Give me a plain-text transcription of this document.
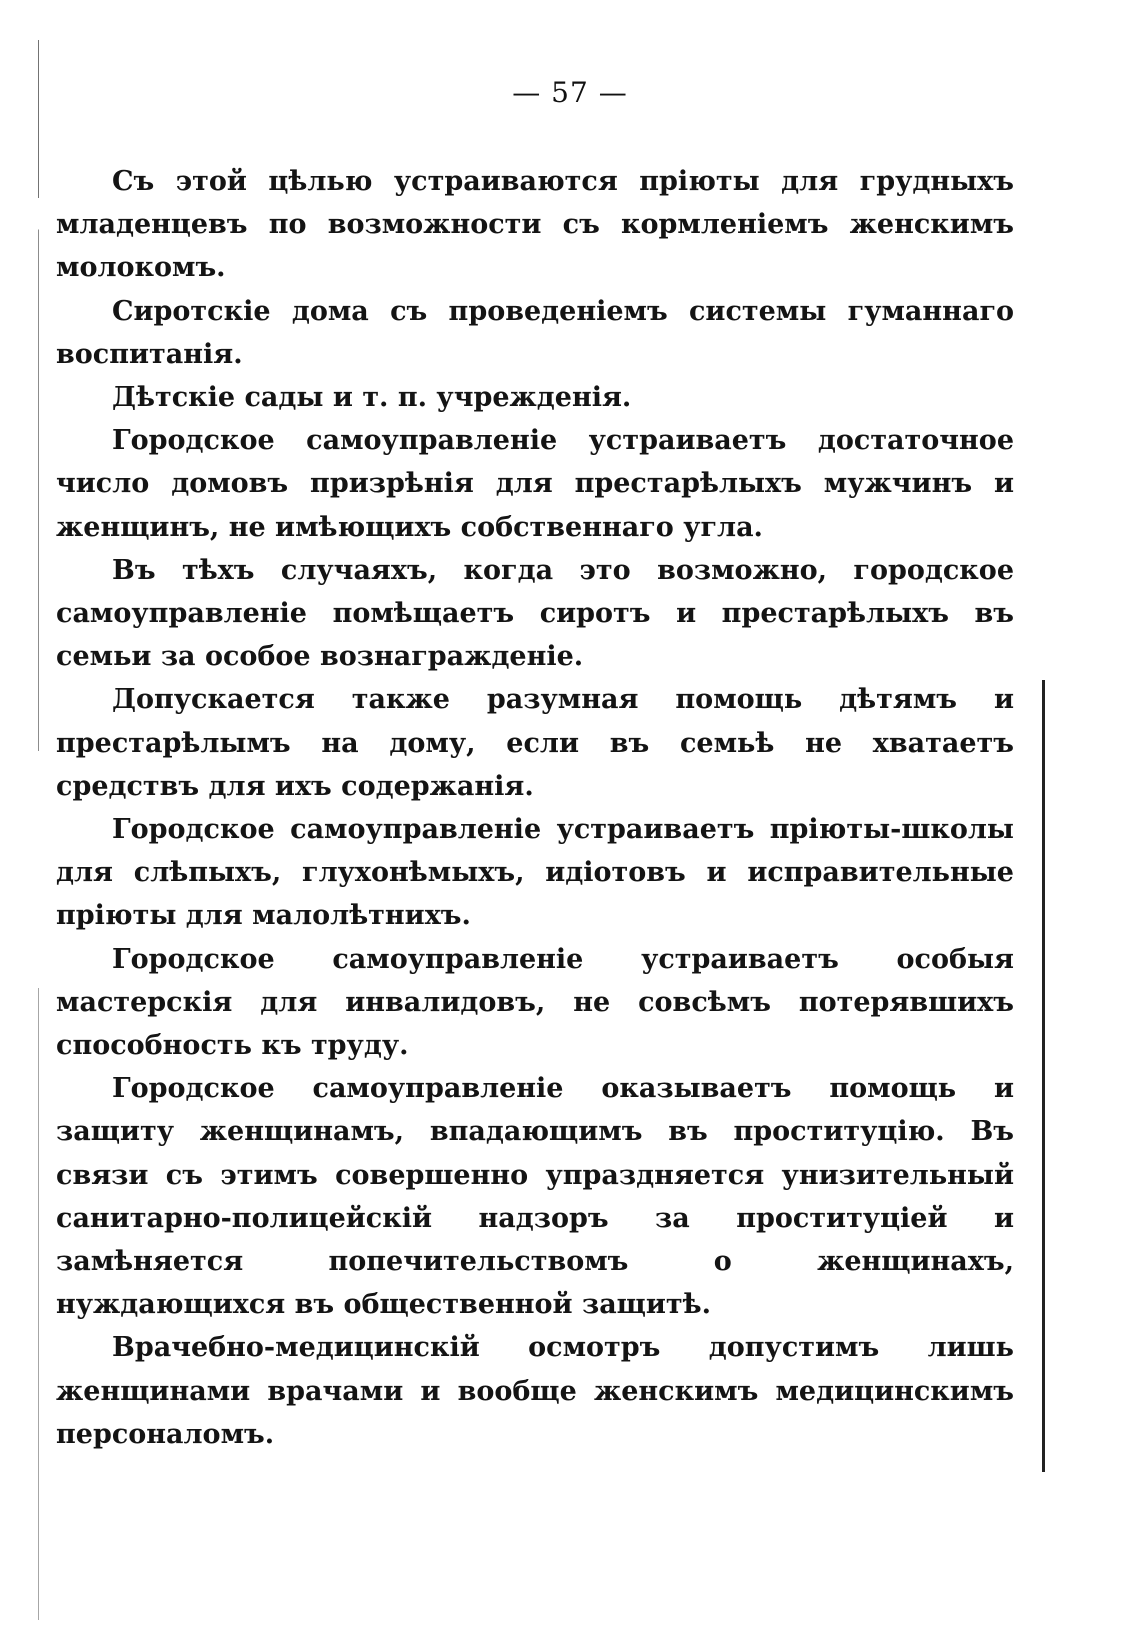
— 57 —

Съ этой цѣлью устраиваются пріюты для грудныхъ младенцевъ по возможности съ кормленіемъ женскимъ молокомъ.

Сиротскіе дома съ проведеніемъ системы гуманнаго воспитанія.

Дѣтскіе сады и т. п. учрежденія.

Городское самоуправленіе устраиваетъ достаточное число домовъ призрѣнія для престарѣлыхъ мужчинъ и женщинъ, не имѣющихъ собственнаго угла.

Въ тѣхъ случаяхъ, когда это возможно, городское самоуправленіе помѣщаетъ сиротъ и престарѣлыхъ въ семьи за особое вознагражденіе.

Допускается также разумная помощь дѣтямъ и престарѣлымъ на дому, если въ семьѣ не хватаетъ средствъ для ихъ содержанія.

Городское самоуправленіе устраиваетъ пріюты-школы для слѣпыхъ, глухонѣмыхъ, идіотовъ и исправительные пріюты для малолѣтнихъ.

Городское самоуправленіе устраиваетъ особыя мастерскія для инвалидовъ, не совсѣмъ потерявшихъ способность къ труду.

Городское самоуправленіе оказываетъ помощь и защиту женщинамъ, впадающимъ въ проституцію. Въ связи съ этимъ совершенно упраздняется унизительный санитарно-полицейскій надзоръ за проституціей и замѣняется попечительствомъ о женщинахъ, нуждающихся въ общественной защитѣ.

Врачебно-медицинскій осмотръ допустимъ лишь женщинами врачами и вообще женскимъ медицинскимъ персоналомъ.
